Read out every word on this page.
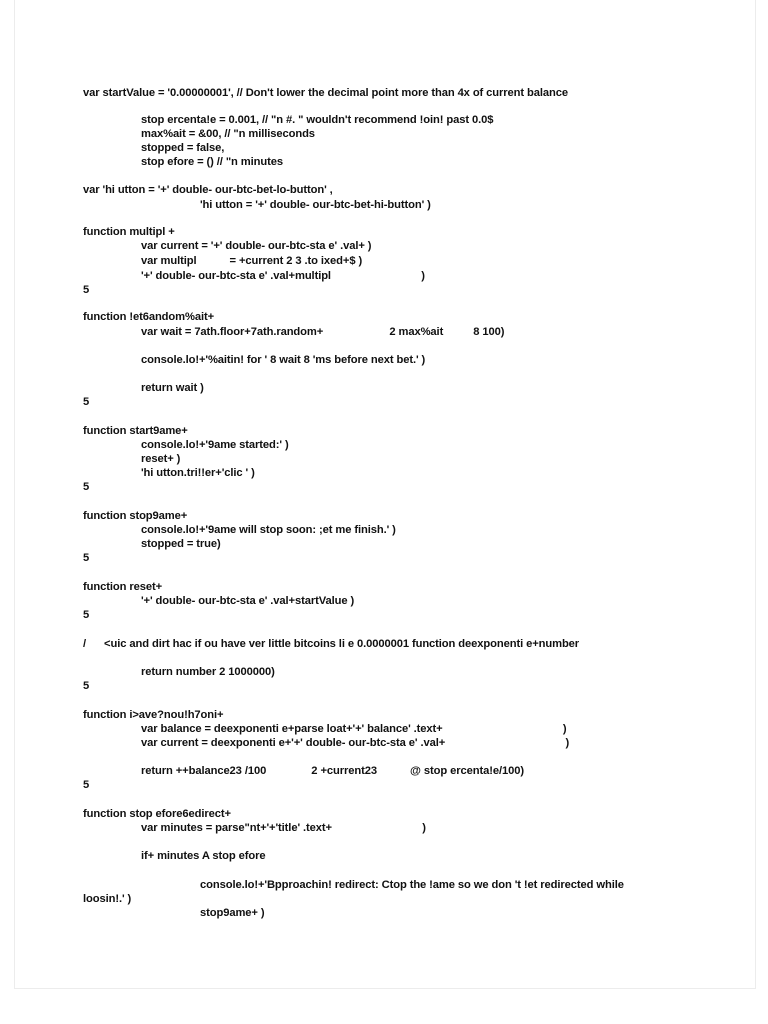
var startValue = '0.00000001', // Don't lower the decimal point more than 4x of current balance
stop ercenta!e = 0.001, // "n #. " wouldn't recommend !oin! past 0.0$
max%ait = &00, // "n milliseconds
stopped = false,
stop efore = () // "n minutes
var 'hi utton = '+' double- our-btc-bet-lo-button' ,
'hi utton = '+' double- our-btc-bet-hi-button' )
function multipl +
var current = '+' double- our-btc-sta e' .val+ )
var multipl           = +current 2 3 .to ixed+$ )
'+' double- our-btc-sta e' .val+multipl                              )
5
function !et6andom%ait+
var wait = 7ath.floor+7ath.random+                      2 max%ait          8 100)
console.lo!+'%aitin! for ' 8 wait 8 'ms before next bet.' )
return wait )
5
function start9ame+
console.lo!+'9ame started:' )
reset+ )
'hi utton.tri!!er+'clic ' )
5
function stop9ame+
console.lo!+'9ame will stop soon: ;et me finish.' )
stopped = true)
5
function reset+
'+' double- our-btc-sta e' .val+startValue )
5
/      <uic and dirt hac if ou have ver little bitcoins li e 0.0000001 function deexponenti e+number
return number 2 1000000)
5
function i>ave?nou!h7oni+
var balance = deexponenti e+parse loat+'+' balance' .text+                                        )
var current = deexponenti e+'+' double- our-btc-sta e' .val+                                        )
return ++balance23 /100               2 +current23           @ stop ercenta!e/100)
5
function stop efore6edirect+
var minutes = parse"nt+'+'title' .text+                              )
if+ minutes A stop efore
console.lo!+'Bpproachin! redirect: Ctop the !ame so we don 't !et redirected while
loosin!.' )
stop9ame+ )
